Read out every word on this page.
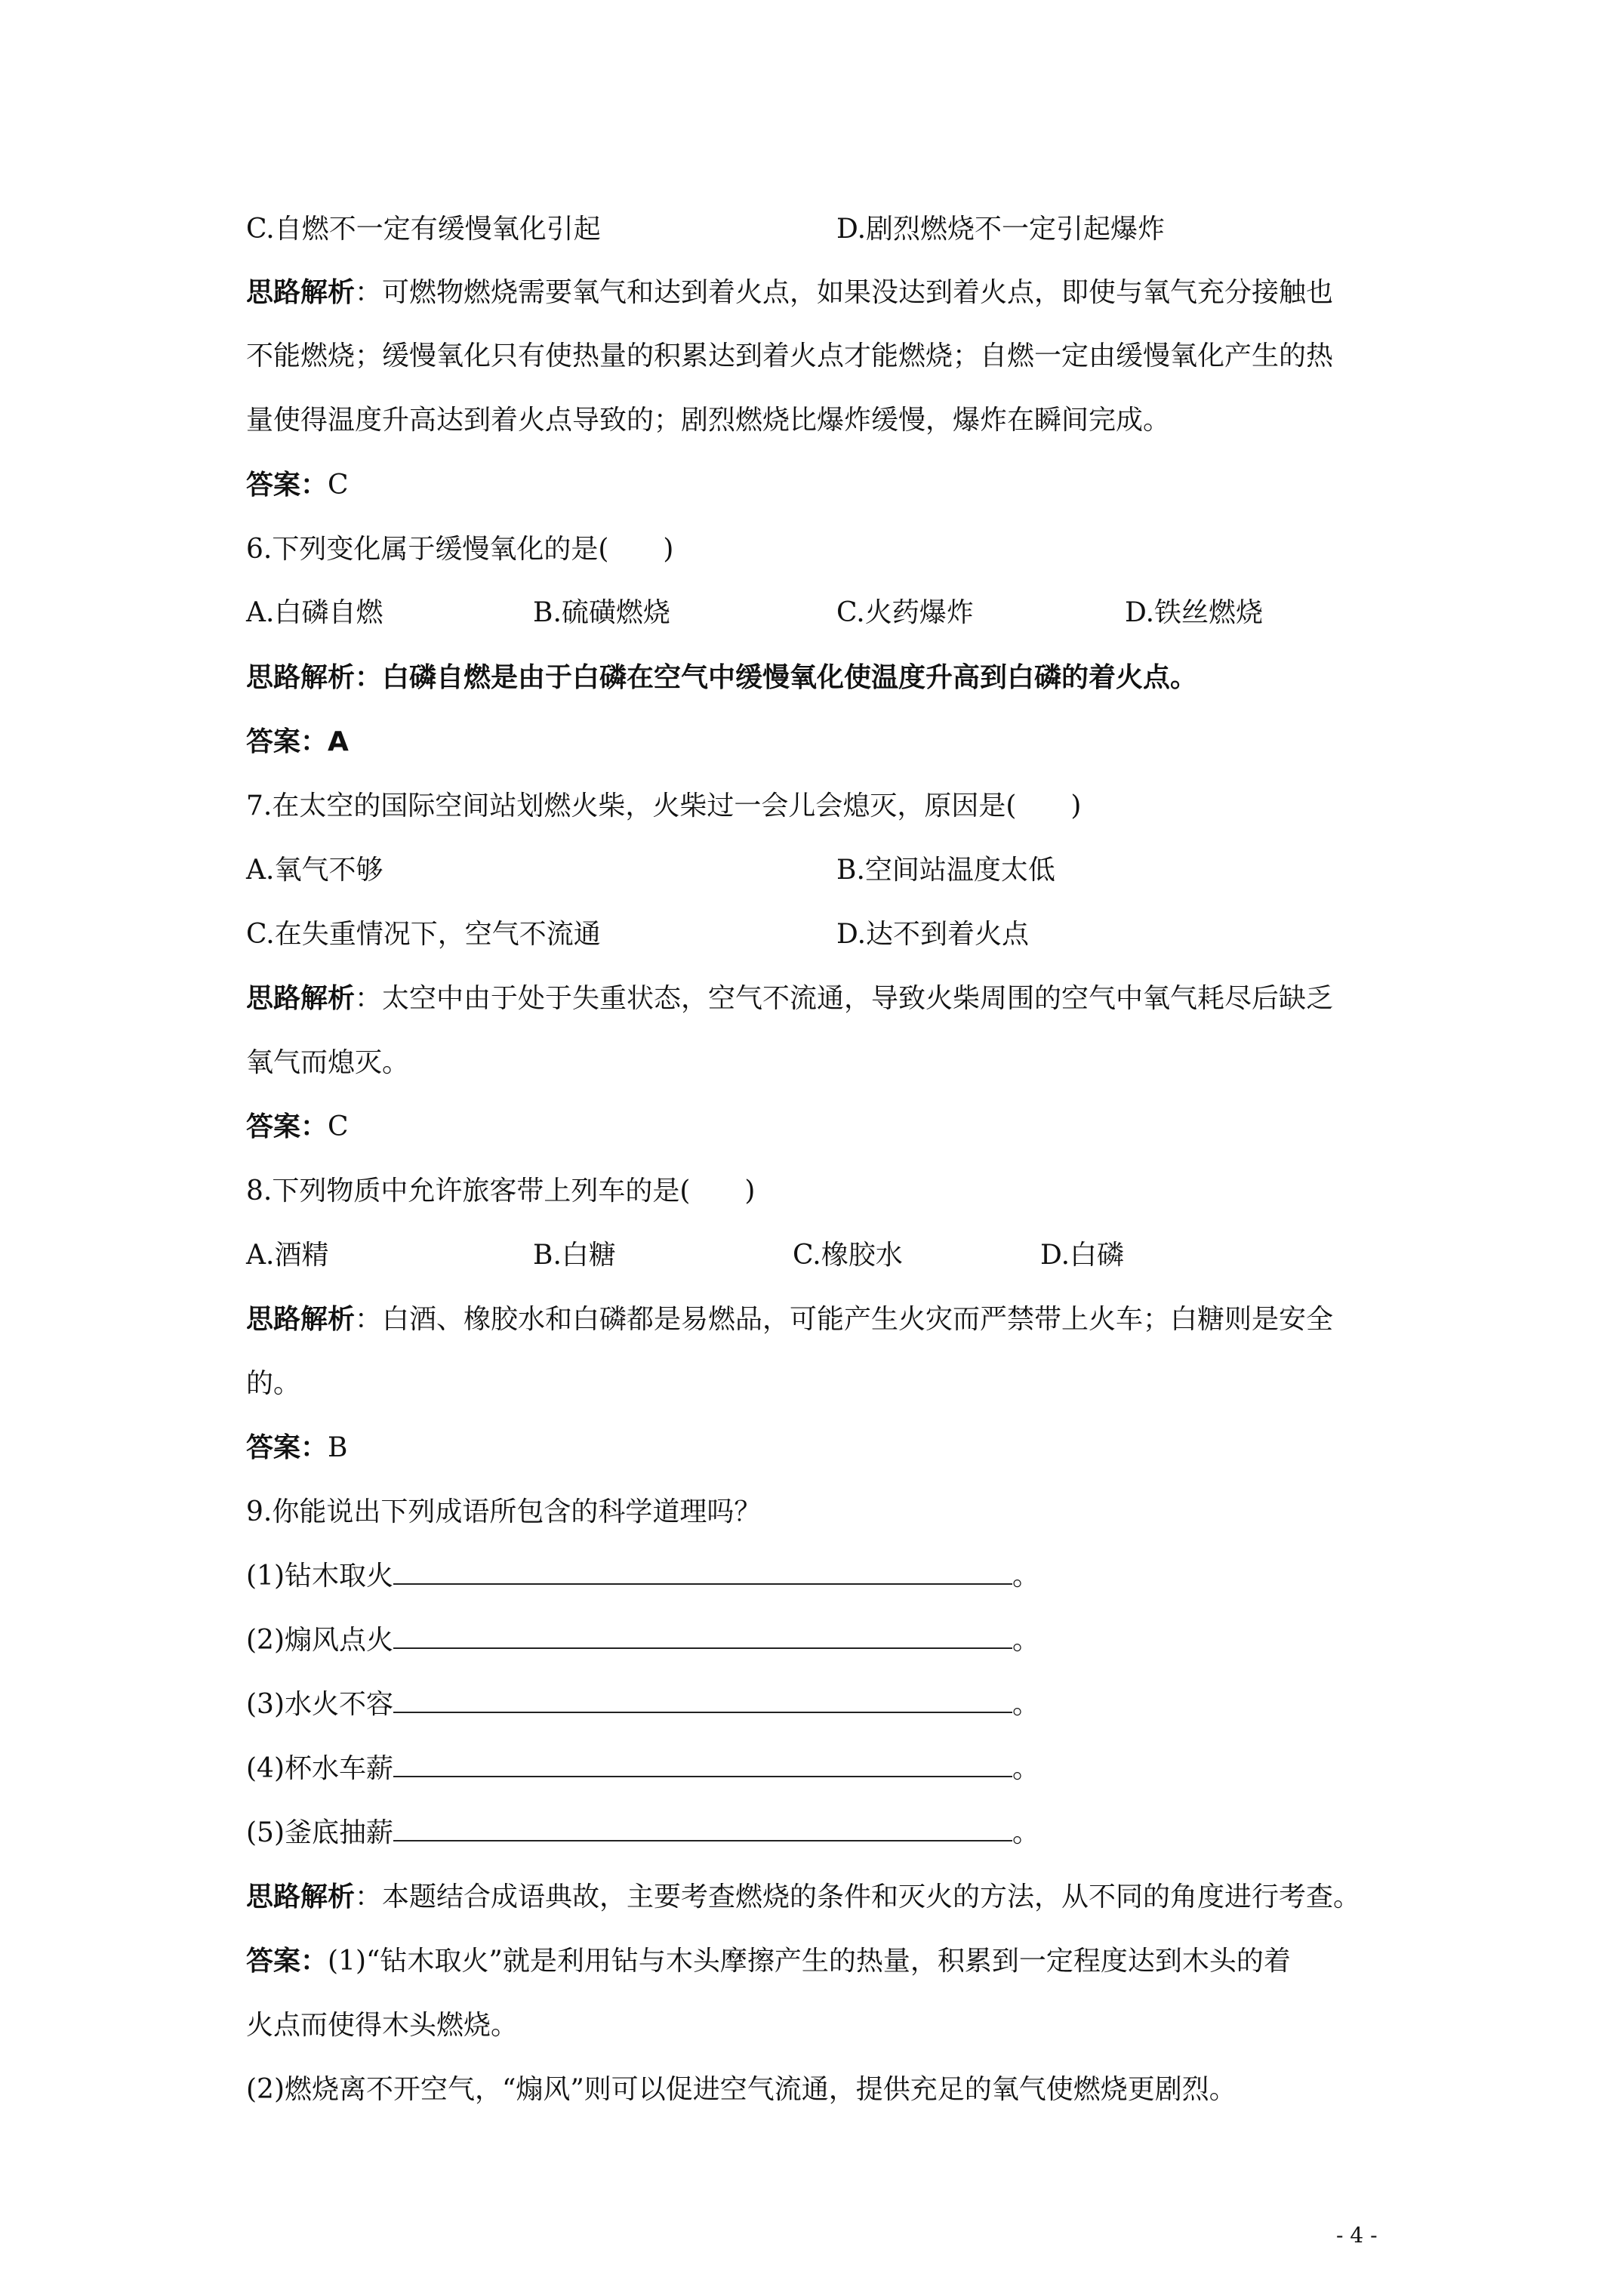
C.自燃不一定有缓慢氧化引起	D.剧烈燃烧不一定引起爆炸
思路解析：可燃物燃烧需要氧气和达到着火点，如果没达到着火点，即使与氧气充分接触也
不能燃烧；缓慢氧化只有使热量的积累达到着火点才能燃烧；自燃一定由缓慢氧化产生的热
量使得温度升高达到着火点导致的；剧烈燃烧比爆炸缓慢，爆炸在瞬间完成。
答案：C
6.下列变化属于缓慢氧化的是(　　)
A.白磷自燃	B.硫磺燃烧	C.火药爆炸	D.铁丝燃烧
思路解析：白磷自燃是由于白磷在空气中缓慢氧化使温度升高到白磷的着火点。
答案：A
7.在太空的国际空间站划燃火柴，火柴过一会儿会熄灭，原因是(　　)
A.氧气不够	B.空间站温度太低
C.在失重情况下，空气不流通	D.达不到着火点
思路解析：太空中由于处于失重状态，空气不流通，导致火柴周围的空气中氧气耗尽后缺乏
氧气而熄灭。
答案：C
8.下列物质中允许旅客带上列车的是(　　)
A.酒精	B.白糖	C.橡胶水	D.白磷
思路解析：白酒、橡胶水和白磷都是易燃品，可能产生火灾而严禁带上火车；白糖则是安全
的。
答案：B
9.你能说出下列成语所包含的科学道理吗？
(1)钻木取火	。
(2)煽风点火	。
(3)水火不容	。
(4)杯水车薪	。
(5)釜底抽薪	。
思路解析：本题结合成语典故，主要考查燃烧的条件和灭火的方法，从不同的角度进行考查。
答案：(1)“钻木取火”就是利用钻与木头摩擦产生的热量，积累到一定程度达到木头的着
火点而使得木头燃烧。
(2)燃烧离不开空气，“煽风”则可以促进空气流通，提供充足的氧气使燃烧更剧烈。
- 4 -
